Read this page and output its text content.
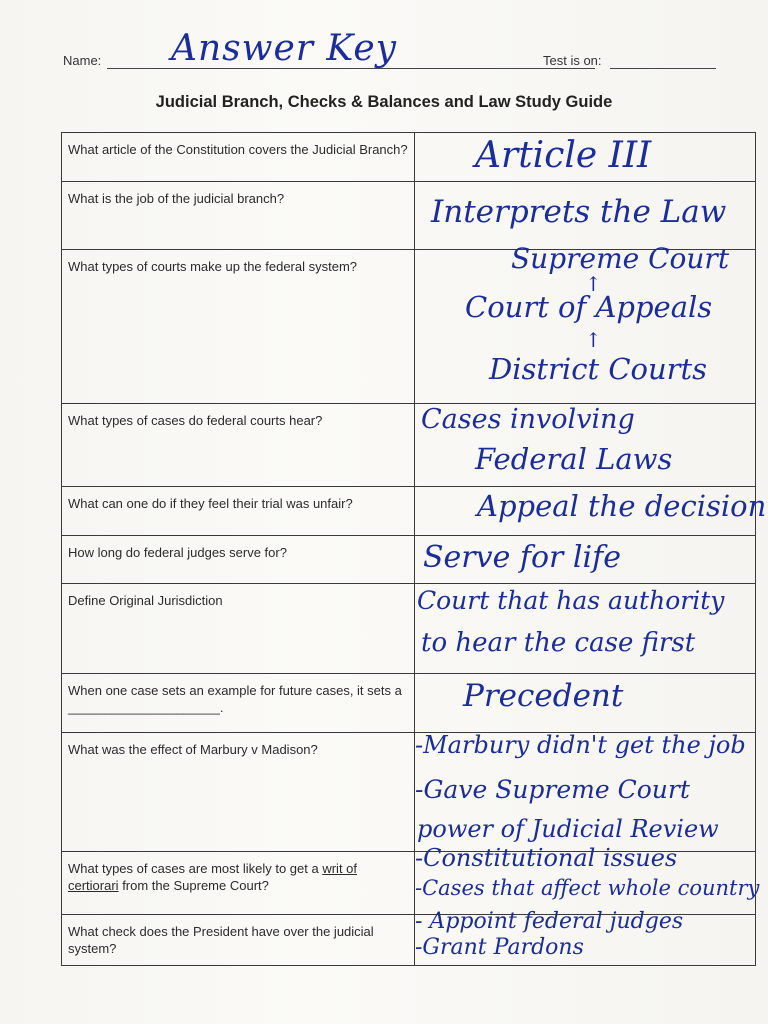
Name: Answer Key	Test is on:
Judicial Branch, Checks & Balances and Law Study Guide
What article of the Constitution covers the Judicial Branch?	Article III

What is the job of the judicial branch?	Interprets the Law

What types of courts make up the federal system?	Supreme Court
↑
Court of Appeals
↑
District Courts

What types of cases do federal courts hear?	Cases involving
Federal Laws

What can one do if they feel their trial was unfair?	Appeal the decision

How long do federal judges serve for?	Serve for life

Define Original Jurisdiction	Court that has authority
to hear the case first

When one case sets an example for future cases, it sets a _____________________.	Precedent

What was the effect of Marbury v Madison?	-Marbury didn't get the job
-Gave Supreme Court
power of Judicial Review

What types of cases are most likely to get a writ of certiorari from the Supreme Court?	-Constitutional issues
-Cases that affect whole country

What check does the President have over the judicial system?	- Appoint federal judges
-Grant Pardons
